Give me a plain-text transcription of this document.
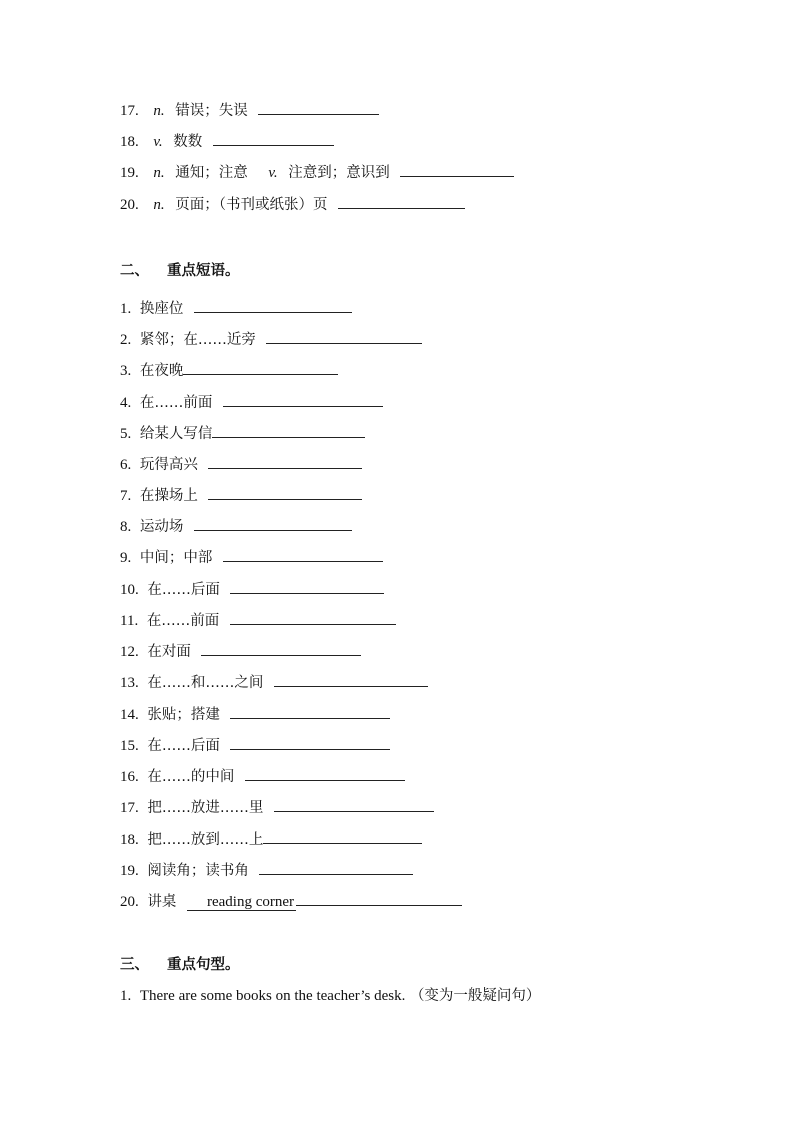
17. n. 错误；失误
18. v. 数数
19. n. 通知；注意 v. 注意到；意识到
20. n. 页面；（书刊或纸张）页
二、 重点短语。
1. 换座位
2. 紧邻；在……近旁
3. 在夜晚
4. 在……前面
5. 给某人写信
6. 玩得高兴
7. 在操场上
8. 运动场
9. 中间；中部
10. 在……后面
11. 在……前面
12. 在对面
13. 在……和……之间
14. 张贴；搭建
15. 在……后面
16. 在……的中间
17. 把……放进……里
18. 把……放到……上
19. 阅读角；读书角
20. 讲桌 reading corner
三、 重点句型。
1. There are some books on the teacher’s desk. （变为一般疑问句）
